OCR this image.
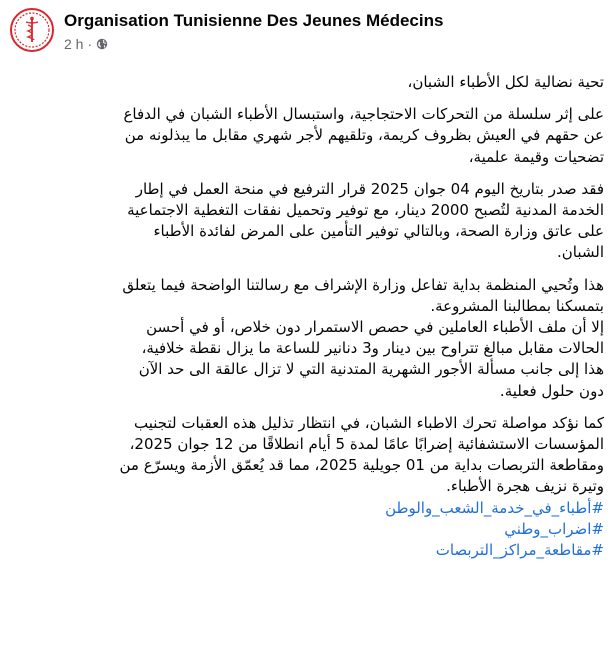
Organisation Tunisienne Des Jeunes Médecins
2 h ·
تحية نضالية لكل الأطباء الشبان،
على إثر سلسلة من التحركات الاحتجاجية، واستبسال الأطباء الشبان في الدفاع
عن حقهم في العيش بظروف كريمة، وتلقيهم لأجر شهري مقابل ما يبذلونه من
تضحيات وقيمة علمية،
فقد صدر بتاريخ اليوم 04 جوان 2025 قرار الترفيع في منحة العمل في إطار
الخدمة المدنية لتُصبح 2000 دينار، مع توفير وتحميل نفقات التغطية الاجتماعية
على عاتق وزارة الصحة، وبالتالي توفير التأمين على المرض لفائدة الأطباء
الشبان.
هذا وتُحيي المنظمة بداية تفاعل وزارة الإشراف مع رسالتنا الواضحة فيما يتعلق
بتمسكنا بمطالبنا المشروعة.
إلا أن ملف الأطباء العاملين في حصص الاستمرار دون خلاص، أو في أحسن
الحالات مقابل مبالغ تتراوح بين دينار و3 دنانير للساعة ما يزال نقطة خلافية،
هذا إلى جانب مسألة الأجور الشهرية المتدنية التي لا تزال عالقة الى حد الآن
دون حلول فعلية.
كما نؤكد مواصلة تحرك الاطباء الشبان، في انتظار تذليل هذه العقبات لتجنيب
المؤسسات الاستشفائية إضرابًا عامًا لمدة 5 أيام انطلاقًا من 12 جوان 2025،
ومقاطعة التربصات بداية من 01 جويلية 2025، مما قد يُعمّق الأزمة ويسرّع من
وتيرة نزيف هجرة الأطباء.
#أطباء_في_خدمة_الشعب_والوطن
#اضراب_وطني
#مقاطعة_مراكز_التربصات
